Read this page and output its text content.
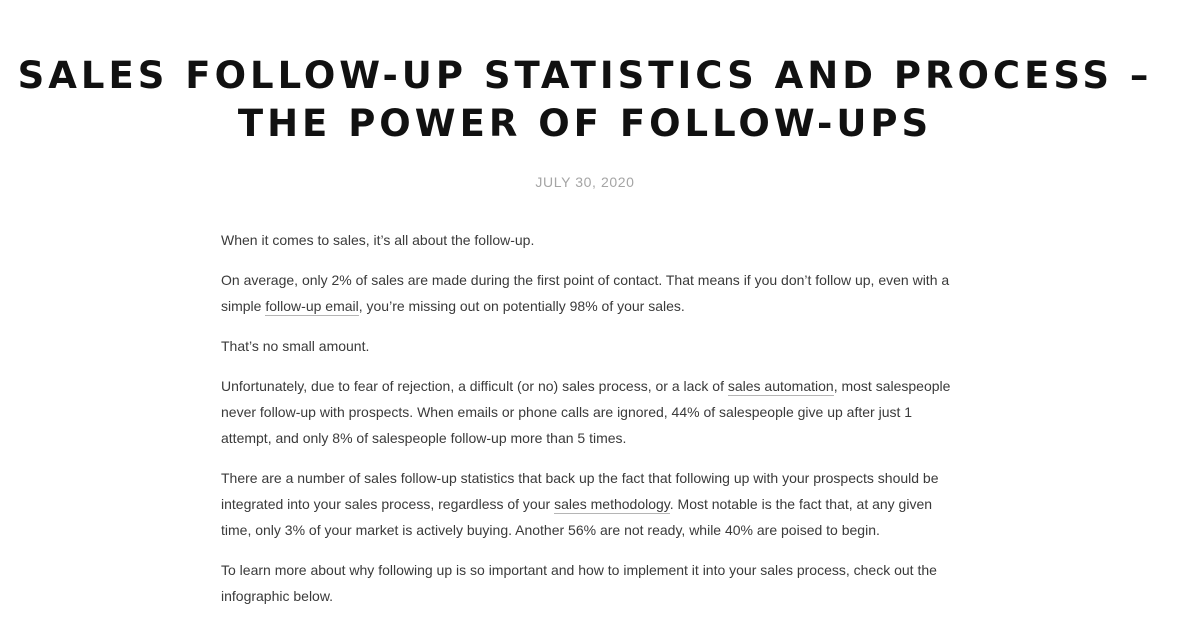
SALES FOLLOW-UP STATISTICS AND PROCESS –
THE POWER OF FOLLOW-UPS
JULY 30, 2020

When it comes to sales, it’s all about the follow-up.

On average, only 2% of sales are made during the first point of contact. That means if you don’t follow up, even with a simple follow-up email, you’re missing out on potentially 98% of your sales.

That’s no small amount.

Unfortunately, due to fear of rejection, a difficult (or no) sales process, or a lack of sales automation, most salespeople never follow-up with prospects. When emails or phone calls are ignored, 44% of salespeople give up after just 1 attempt, and only 8% of salespeople follow-up more than 5 times.

There are a number of sales follow-up statistics that back up the fact that following up with your prospects should be integrated into your sales process, regardless of your sales methodology. Most notable is the fact that, at any given time, only 3% of your market is actively buying. Another 56% are not ready, while 40% are poised to begin.

To learn more about why following up is so important and how to implement it into your sales process, check out the infographic below.
